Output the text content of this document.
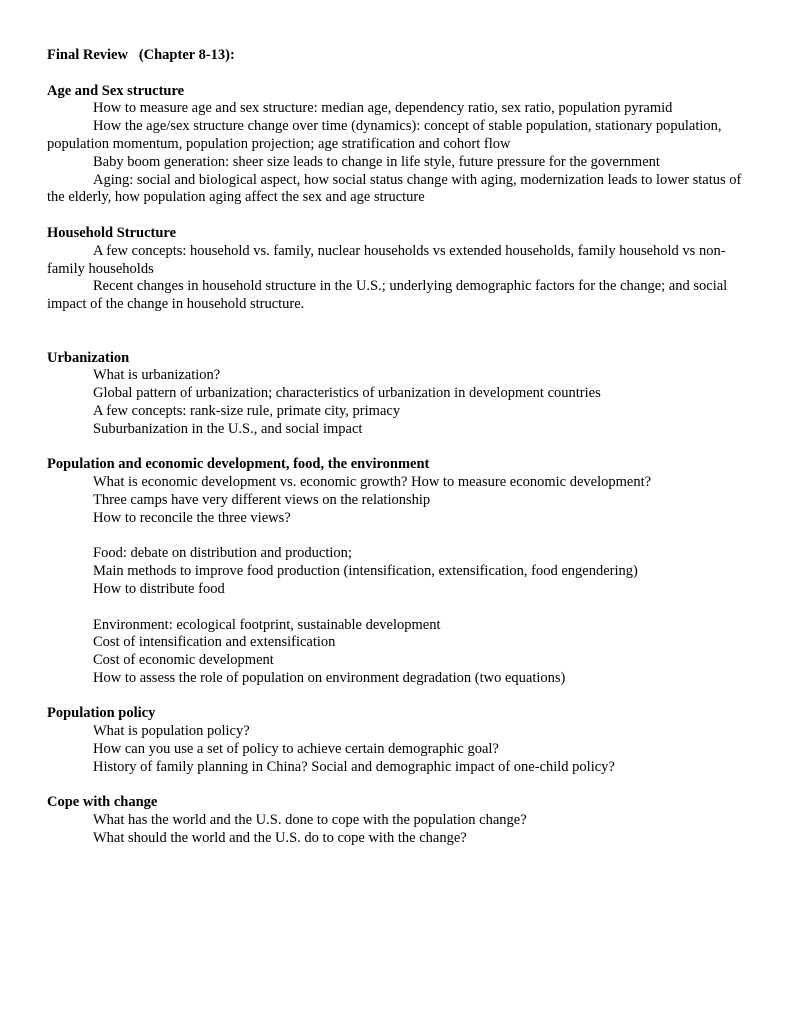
Final Review   (Chapter 8-13):

Age and Sex structure

How to measure age and sex structure: median age, dependency ratio, sex ratio, population pyramid

How the age/sex structure change over time (dynamics): concept of stable population, stationary population, population momentum, population projection; age stratification and cohort flow

Baby boom generation: sheer size leads to change in life style, future pressure for the government

Aging: social and biological aspect, how social status change with aging, modernization leads to lower status of the elderly, how population aging affect the sex and age structure

Household Structure

A few concepts: household vs. family, nuclear households vs extended households, family household vs non-family households

Recent changes in household structure in the U.S.; underlying demographic factors for the change; and social impact of the change in household structure.

Urbanization

What is urbanization?

Global pattern of urbanization; characteristics of urbanization in development countries

A few concepts: rank-size rule, primate city, primacy

Suburbanization in the U.S., and social impact

Population and economic development, food, the environment

What is economic development vs. economic growth? How to measure economic development?

Three camps have very different views on the relationship

How to reconcile the three views?

Food: debate on distribution and production;

Main methods to improve food production (intensification, extensification, food engendering)

How to distribute food

Environment: ecological footprint, sustainable development

Cost of intensification and extensification

Cost of economic development

How to assess the role of population on environment degradation (two equations)

Population policy

What is population policy?

How can you use a set of policy to achieve certain demographic goal?

History of family planning in China? Social and demographic impact of one-child policy?

Cope with change

What has the world and the U.S. done to cope with the population change?

What should the world and the U.S. do to cope with the change?
